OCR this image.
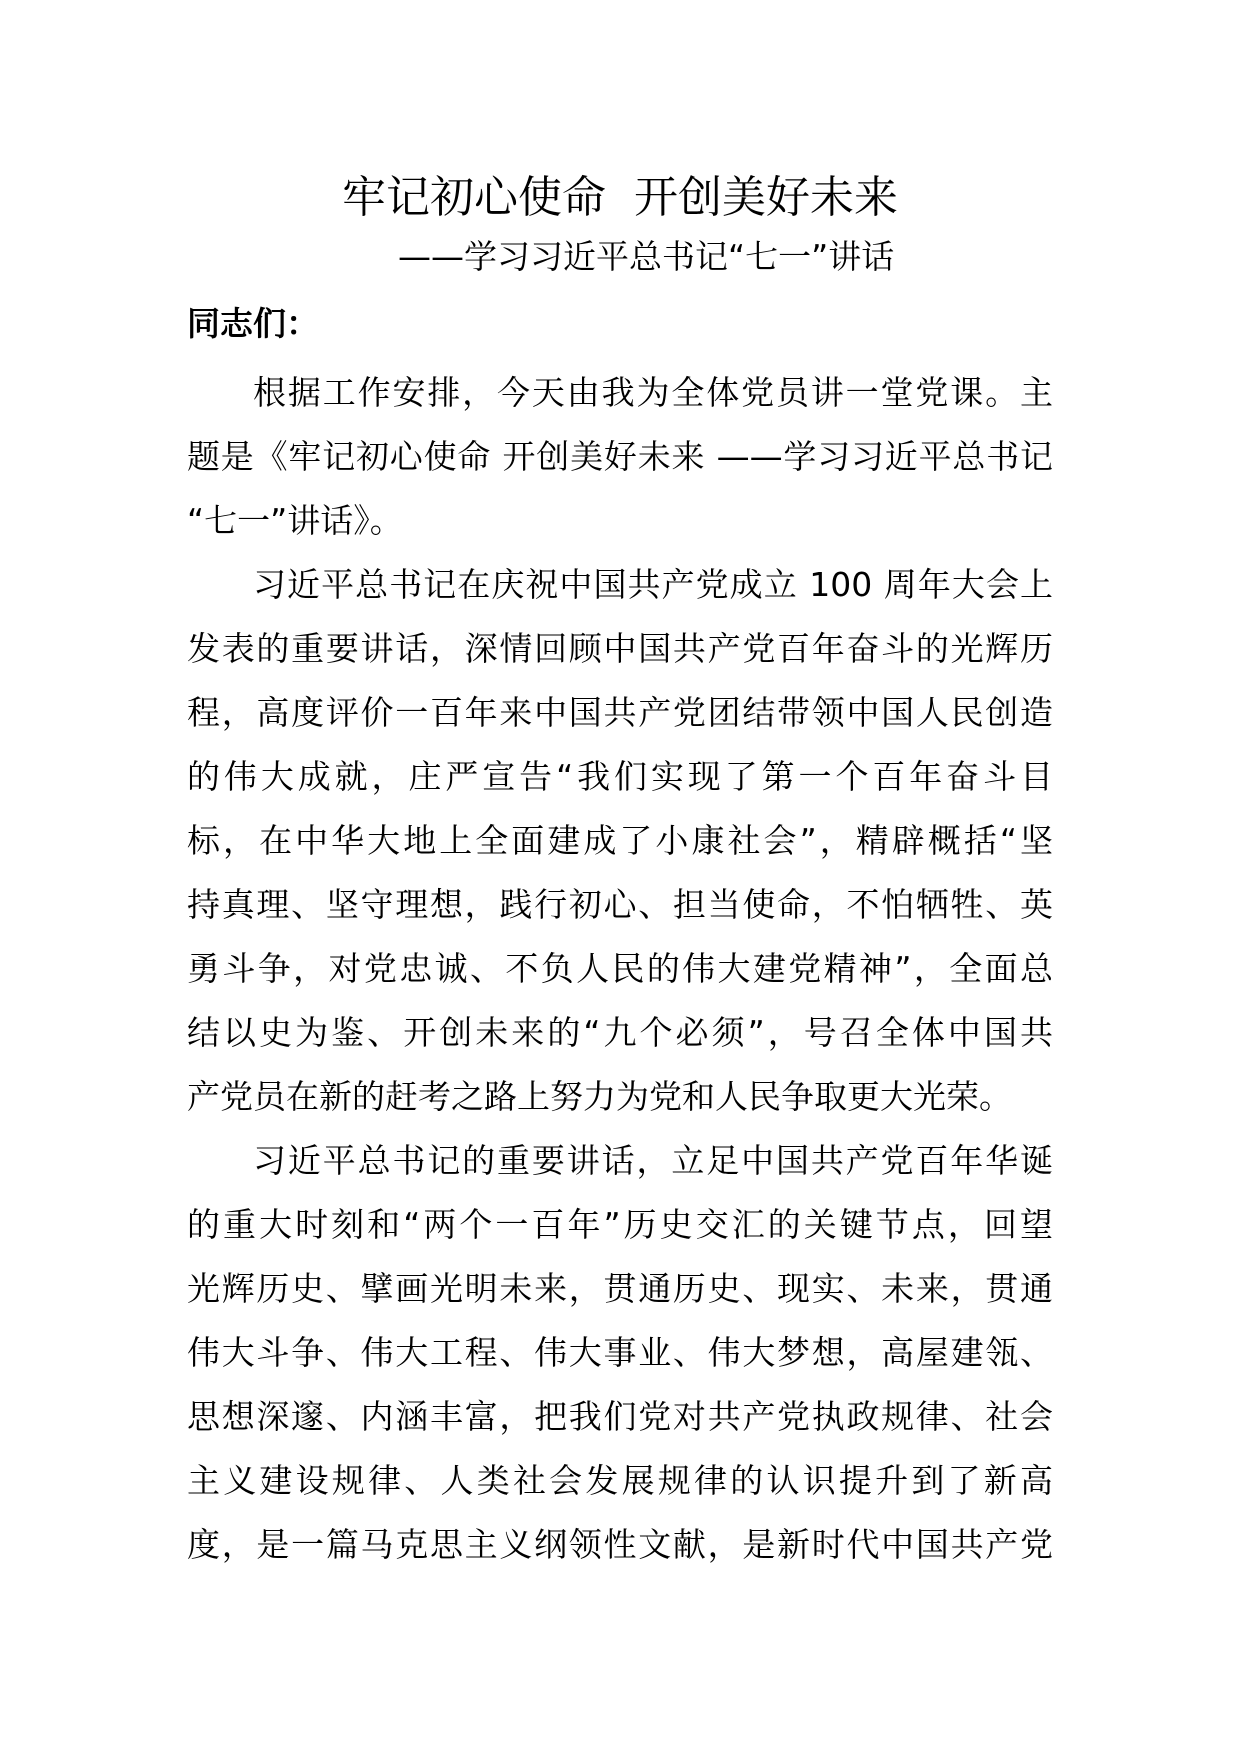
牢记初心使命  开创美好未来
——学习习近平总书记“七一”讲话
同志们：
根据工作安排，今天由我为全体党员讲一堂党课。主
题是《牢记初心使命 开创美好未来 ——学习习近平总书记
“七一”讲话》。
习近平总书记在庆祝中国共产党成立 100 周年大会上
发表的重要讲话，深情回顾中国共产党百年奋斗的光辉历
程，高度评价一百年来中国共产党团结带领中国人民创造
的伟大成就，庄严宣告“我们实现了第一个百年奋斗目
标，在中华大地上全面建成了小康社会”，精辟概括“坚
持真理、坚守理想，践行初心、担当使命，不怕牺牲、英
勇斗争，对党忠诚、不负人民的伟大建党精神”，全面总
结以史为鉴、开创未来的“九个必须”，号召全体中国共
产党员在新的赶考之路上努力为党和人民争取更大光荣。
习近平总书记的重要讲话，立足中国共产党百年华诞
的重大时刻和“两个一百年”历史交汇的关键节点，回望
光辉历史、擘画光明未来，贯通历史、现实、未来，贯通
伟大斗争、伟大工程、伟大事业、伟大梦想，高屋建瓴、
思想深邃、内涵丰富，把我们党对共产党执政规律、社会
主义建设规律、人类社会发展规律的认识提升到了新高
度，是一篇马克思主义纲领性文献，是新时代中国共产党
